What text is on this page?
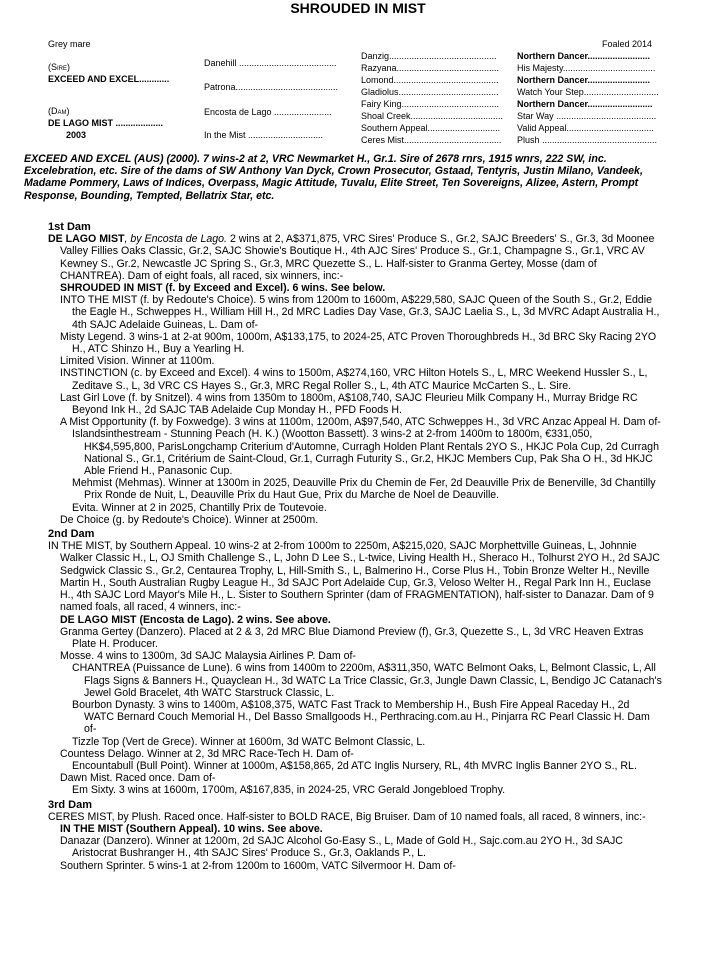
SHROUDED IN MIST
Grey mare	Foaled 2014
(Sire)
EXCEED AND EXCEL............
(Dam)
DE LAGO MIST ...................
2003
Danehill .......................................
Patrona.........................................
Encosta de Lago .......................
In the Mist ..............................
Danzig...........................................
Razyana.........................................
Lomond..........................................
Gladiolus........................................
Fairy King.......................................
Shoal Creek.....................................
Southern Appeal.............................
Ceres Mist.......................................
Northern Dancer.........................
His Majesty.....................................
Northern Dancer.........................
Watch Your Step..............................
Northern Dancer..........................
Star Way ........................................
Valid Appeal...................................
Plush ..............................................
EXCEED AND EXCEL (AUS) (2000). 7 wins-2 at 2, VRC Newmarket H., Gr.1. Sire of 2678 rnrs, 1915 wnrs, 222 SW, inc. Excelebration, etc. Sire of the dams of SW Anthony Van Dyck, Crown Prosecutor, Gstaad, Tentyris, Justin Milano, Vandeek, Madame Pommery, Laws of Indices, Overpass, Magic Attitude, Tuvalu, Elite Street, Ten Sovereigns, Alizee, Astern, Prompt Response, Bounding, Tempted, Bellatrix Star, etc.
1st Dam
DE LAGO MIST, by Encosta de Lago. 2 wins at 2, A$371,875, VRC Sires' Produce S., Gr.2, SAJC Breeders' S., Gr.3, 3d Moonee Valley Fillies Oaks Classic, Gr.2, SAJC Showie's Boutique H., 4th AJC Sires' Produce S., Gr.1, Champagne S., Gr.1, VRC AV Kewney S., Gr.2, Newcastle JC Spring S., Gr.3, MRC Quezette S., L. Half-sister to Granma Gertey, Mosse (dam of CHANTREA). Dam of eight foals, all raced, six winners, inc:-
SHROUDED IN MIST (f. by Exceed and Excel). 6 wins. See below.
INTO THE MIST (f. by Redoute's Choice). 5 wins from 1200m to 1600m, A$229,580, SAJC Queen of the South S., Gr.2, Eddie the Eagle H., Schweppes H., William Hill H., 2d MRC Ladies Day Vase, Gr.3, SAJC Laelia S., L, 3d MVRC Adapt Australia H., 4th SAJC Adelaide Guineas, L. Dam of-
Misty Legend. 3 wins-1 at 2-at 900m, 1000m, A$133,175, to 2024-25, ATC Proven Thoroughbreds H., 3d BRC Sky Racing 2YO H., ATC Shinzo H., Buy a Yearling H.
Limited Vision. Winner at 1100m.
INSTINCTION (c. by Exceed and Excel). 4 wins to 1500m, A$274,160, VRC Hilton Hotels S., L, MRC Weekend Hussler S., L, Zeditave S., L, 3d VRC CS Hayes S., Gr.3, MRC Regal Roller S., L, 4th ATC Maurice McCarten S., L. Sire.
Last Girl Love (f. by Snitzel). 4 wins from 1350m to 1800m, A$108,740, SAJC Fleurieu Milk Company H., Murray Bridge RC Beyond Ink H., 2d SAJC TAB Adelaide Cup Monday H., PFD Foods H.
A Mist Opportunity (f. by Foxwedge). 3 wins at 1100m, 1200m, A$97,540, ATC Schweppes H., 3d VRC Anzac Appeal H. Dam of-
Islandsinthestream - Stunning Peach (H. K.) (Wootton Bassett). 3 wins-2 at 2-from 1400m to 1800m, €331,050, HK$4,595,800, ParisLongchamp Criterium d'Automne, Curragh Holden Plant Rentals 2YO S., HKJC Pola Cup, 2d Curragh National S., Gr.1, Critérium de Saint-Cloud, Gr.1, Curragh Futurity S., Gr.2, HKJC Members Cup, Pak Sha O H., 3d HKJC Able Friend H., Panasonic Cup.
Mehmist (Mehmas). Winner at 1300m in 2025, Deauville Prix du Chemin de Fer, 2d Deauville Prix de Benerville, 3d Chantilly Prix Ronde de Nuit, L, Deauville Prix du Haut Gue, Prix du Marche de Noel de Deauville.
Evita. Winner at 2 in 2025, Chantilly Prix de Toutevoie.
De Choice (g. by Redoute's Choice). Winner at 2500m.
2nd Dam
IN THE MIST, by Southern Appeal. 10 wins-2 at 2-from 1000m to 2250m, A$215,020, SAJC Morphettville Guineas, L, Johnnie Walker Classic H., L, OJ Smith Challenge S., L, John D Lee S., L-twice, Living Health H., Sheraco H., Tolhurst 2YO H., 2d SAJC Sedgwick Classic S., Gr.2, Centaurea Trophy, L, Hill-Smith S., L, Balmerino H., Corse Plus H., Tobin Bronze Welter H., Neville Martin H., South Australian Rugby League H., 3d SAJC Port Adelaide Cup, Gr.3, Veloso Welter H., Regal Park Inn H., Euclase H., 4th SAJC Lord Mayor's Mile H., L. Sister to Southern Sprinter (dam of FRAGMENTATION), half-sister to Danazar. Dam of 9 named foals, all raced, 4 winners, inc:-
DE LAGO MIST (Encosta de Lago). 2 wins. See above.
Granma Gertey (Danzero). Placed at 2 & 3, 2d MRC Blue Diamond Preview (f), Gr.3, Quezette S., L, 3d VRC Heaven Extras Plate H. Producer.
Mosse. 4 wins to 1300m, 3d SAJC Malaysia Airlines P. Dam of-
CHANTREA (Puissance de Lune). 6 wins from 1400m to 2200m, A$311,350, WATC Belmont Oaks, L, Belmont Classic, L, All Flags Signs & Banners H., Quayclean H., 3d WATC La Trice Classic, Gr.3, Jungle Dawn Classic, L, Bendigo JC Catanach's Jewel Gold Bracelet, 4th WATC Starstruck Classic, L.
Bourbon Dynasty. 3 wins to 1400m, A$108,375, WATC Fast Track to Membership H., Bush Fire Appeal Raceday H., 2d WATC Bernard Couch Memorial H., Del Basso Smallgoods H., Perthracing.com.au H., Pinjarra RC Pearl Classic H. Dam of-
Tizzle Top (Vert de Grece). Winner at 1600m, 3d WATC Belmont Classic, L.
Countess Delago. Winner at 2, 3d MRC Race-Tech H. Dam of-
Encountabull (Bull Point). Winner at 1000m, A$158,865, 2d ATC Inglis Nursery, RL, 4th MVRC Inglis Banner 2YO S., RL.
Dawn Mist. Raced once. Dam of-
Em Sixty. 3 wins at 1600m, 1700m, A$167,835, in 2024-25, VRC Gerald Jongebloed Trophy.
3rd Dam
CERES MIST, by Plush. Raced once. Half-sister to BOLD RACE, Big Bruiser. Dam of 10 named foals, all raced, 8 winners, inc:-
IN THE MIST (Southern Appeal). 10 wins. See above.
Danazar (Danzero). Winner at 1200m, 2d SAJC Alcohol Go-Easy S., L, Made of Gold H., Sajc.com.au 2YO H., 3d SAJC Aristocrat Bushranger H., 4th SAJC Sires' Produce S., Gr.3, Oaklands P., L.
Southern Sprinter. 5 wins-1 at 2-from 1200m to 1600m, VATC Silvermoor H. Dam of-
